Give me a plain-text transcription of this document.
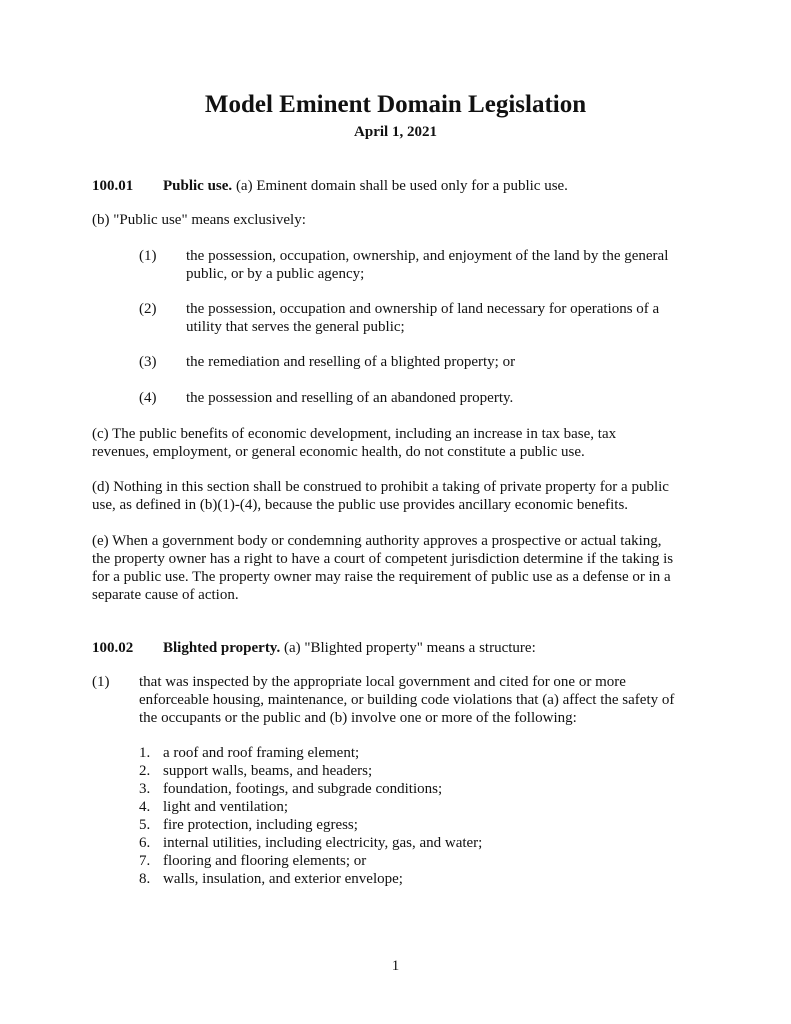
Model Eminent Domain Legislation
April 1, 2021
100.01 Public use. (a) Eminent domain shall be used only for a public use.
(b) "Public use" means exclusively:
(1) the possession, occupation, ownership, and enjoyment of the land by the general
public, or by a public agency;
(2) the possession, occupation and ownership of land necessary for operations of a
utility that serves the general public;
(3) the remediation and reselling of a blighted property; or
(4) the possession and reselling of an abandoned property.
(c) The public benefits of economic development, including an increase in tax base, tax
revenues, employment, or general economic health, do not constitute a public use.
(d) Nothing in this section shall be construed to prohibit a taking of private property for a public
use, as defined in (b)(1)-(4), because the public use provides ancillary economic benefits.
(e) When a government body or condemning authority approves a prospective or actual taking,
the property owner has a right to have a court of competent jurisdiction determine if the taking is
for a public use. The property owner may raise the requirement of public use as a defense or in a
separate cause of action.
100.02 Blighted property. (a) "Blighted property" means a structure:
(1) that was inspected by the appropriate local government and cited for one or more
enforceable housing, maintenance, or building code violations that (a) affect the safety of
the occupants or the public and (b) involve one or more of the following:
1. a roof and roof framing element;
2. support walls, beams, and headers;
3. foundation, footings, and subgrade conditions;
4. light and ventilation;
5. fire protection, including egress;
6. internal utilities, including electricity, gas, and water;
7. flooring and flooring elements; or
8. walls, insulation, and exterior envelope;
1
